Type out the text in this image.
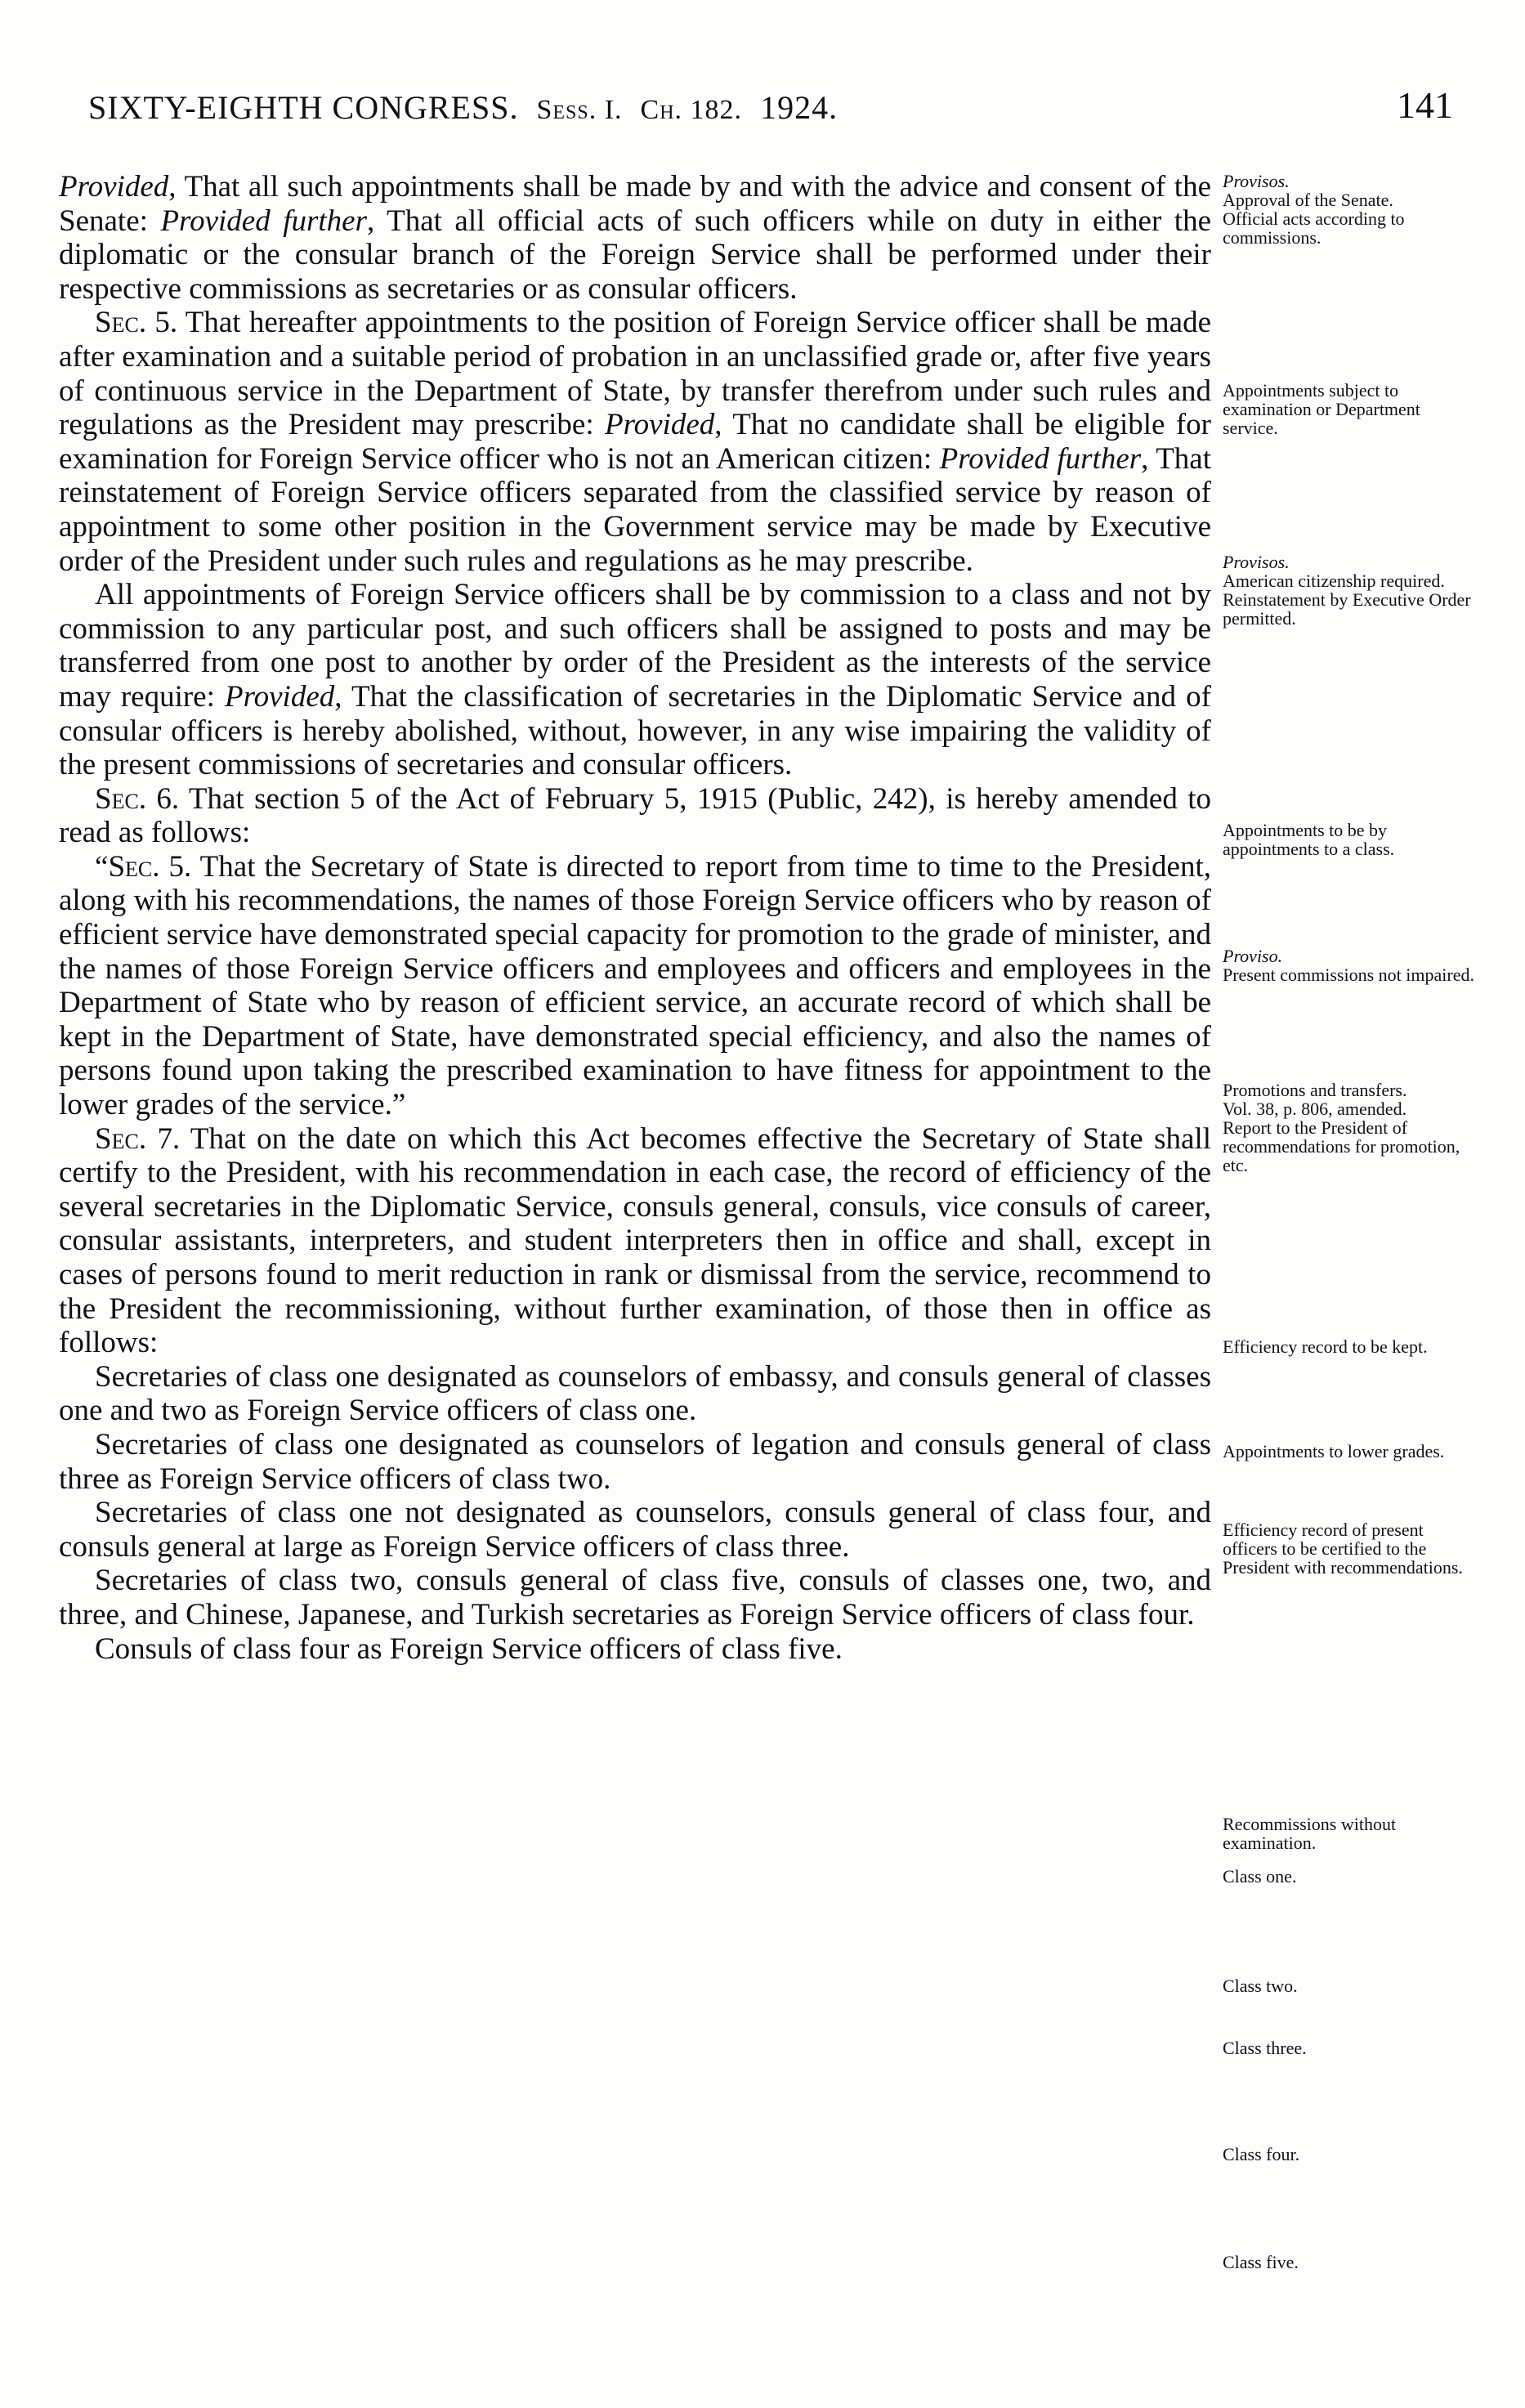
SIXTY-EIGHTH CONGRESS. Sess. I. Ch. 182. 1924.	141

Provided, That all such appointments shall be made by and with the advice and consent of the Senate: Provided further, That all official acts of such officers while on duty in either the diplomatic or the consular branch of the Foreign Service shall be performed under their respective commissions as secretaries or as consular officers.

Sec. 5. That hereafter appointments to the position of Foreign Service officer shall be made after examination and a suitable period of probation in an unclassified grade or, after five years of continuous service in the Department of State, by transfer therefrom under such rules and regulations as the President may prescribe: Provided, That no candidate shall be eligible for examination for Foreign Service officer who is not an American citizen: Provided further, That reinstatement of Foreign Service officers separated from the classified service by reason of appointment to some other position in the Government service may be made by Executive order of the President under such rules and regulations as he may prescribe.

All appointments of Foreign Service officers shall be by commission to a class and not by commission to any particular post, and such officers shall be assigned to posts and may be transferred from one post to another by order of the President as the interests of the service may require: Provided, That the classification of secretaries in the Diplomatic Service and of consular officers is hereby abolished, without, however, in any wise impairing the validity of the present commissions of secretaries and consular officers.

Sec. 6. That section 5 of the Act of February 5, 1915 (Public, 242), is hereby amended to read as follows:

“Sec. 5. That the Secretary of State is directed to report from time to time to the President, along with his recommendations, the names of those Foreign Service officers who by reason of efficient service have demonstrated special capacity for promotion to the grade of minister, and the names of those Foreign Service officers and employees and officers and employees in the Department of State who by reason of efficient service, an accurate record of which shall be kept in the Department of State, have demonstrated special efficiency, and also the names of persons found upon taking the prescribed examination to have fitness for appointment to the lower grades of the service.”

Sec. 7. That on the date on which this Act becomes effective the Secretary of State shall certify to the President, with his recommendation in each case, the record of efficiency of the several secretaries in the Diplomatic Service, consuls general, consuls, vice consuls of career, consular assistants, interpreters, and student interpreters then in office and shall, except in cases of persons found to merit reduction in rank or dismissal from the service, recommend to the President the recommissioning, without further examination, of those then in office as follows:

Secretaries of class one designated as counselors of embassy, and consuls general of classes one and two as Foreign Service officers of class one.

Secretaries of class one designated as counselors of legation and consuls general of class three as Foreign Service officers of class two.

Secretaries of class one not designated as counselors, consuls general of class four, and consuls general at large as Foreign Service officers of class three.

Secretaries of class two, consuls general of class five, consuls of classes one, two, and three, and Chinese, Japanese, and Turkish secretaries as Foreign Service officers of class four.

Consuls of class four as Foreign Service officers of class five.

Provisos.
Approval of the Senate.
Official acts according to commissions.
Appointments subject to examination or Department service.
Provisos.
American citizenship required.
Reinstatement by Executive Order permitted.
Appointments to be by appointments to a class.
Proviso.
Present commissions not impaired.
Promotions and transfers.
Vol. 38, p. 806, amended.
Report to the President of recommendations for promotion, etc.
Efficiency record to be kept.
Appointments to lower grades.
Efficiency record of present officers to be certified to the President with recommendations.
Recommissions without examination.
Class one.
Class two.
Class three.
Class four.
Class five.
